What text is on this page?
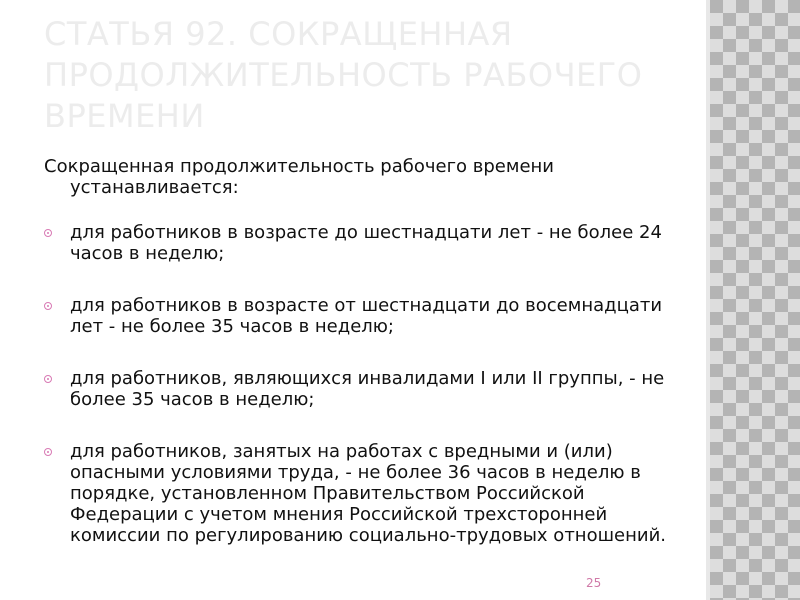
СТАТЬЯ 92. СОКРАЩЕННАЯ ПРОДОЛЖИТЕЛЬНОСТЬ РАБОЧЕГО ВРЕМЕНИ

Сокращенная продолжительность рабочего времени устанавливается:

для работников в возрасте до шестнадцати лет - не более 24 часов в неделю;
для работников в возрасте от шестнадцати до восемнадцати лет - не более 35 часов в неделю;
для работников, являющихся инвалидами I или II группы, - не более 35 часов в неделю;
для работников, занятых на работах с вредными и (или) опасными условиями труда, - не более 36 часов в неделю в порядке, установленном Правительством Российской Федерации с учетом мнения Российской трехсторонней комиссии по регулированию социально-трудовых отношений.
25
